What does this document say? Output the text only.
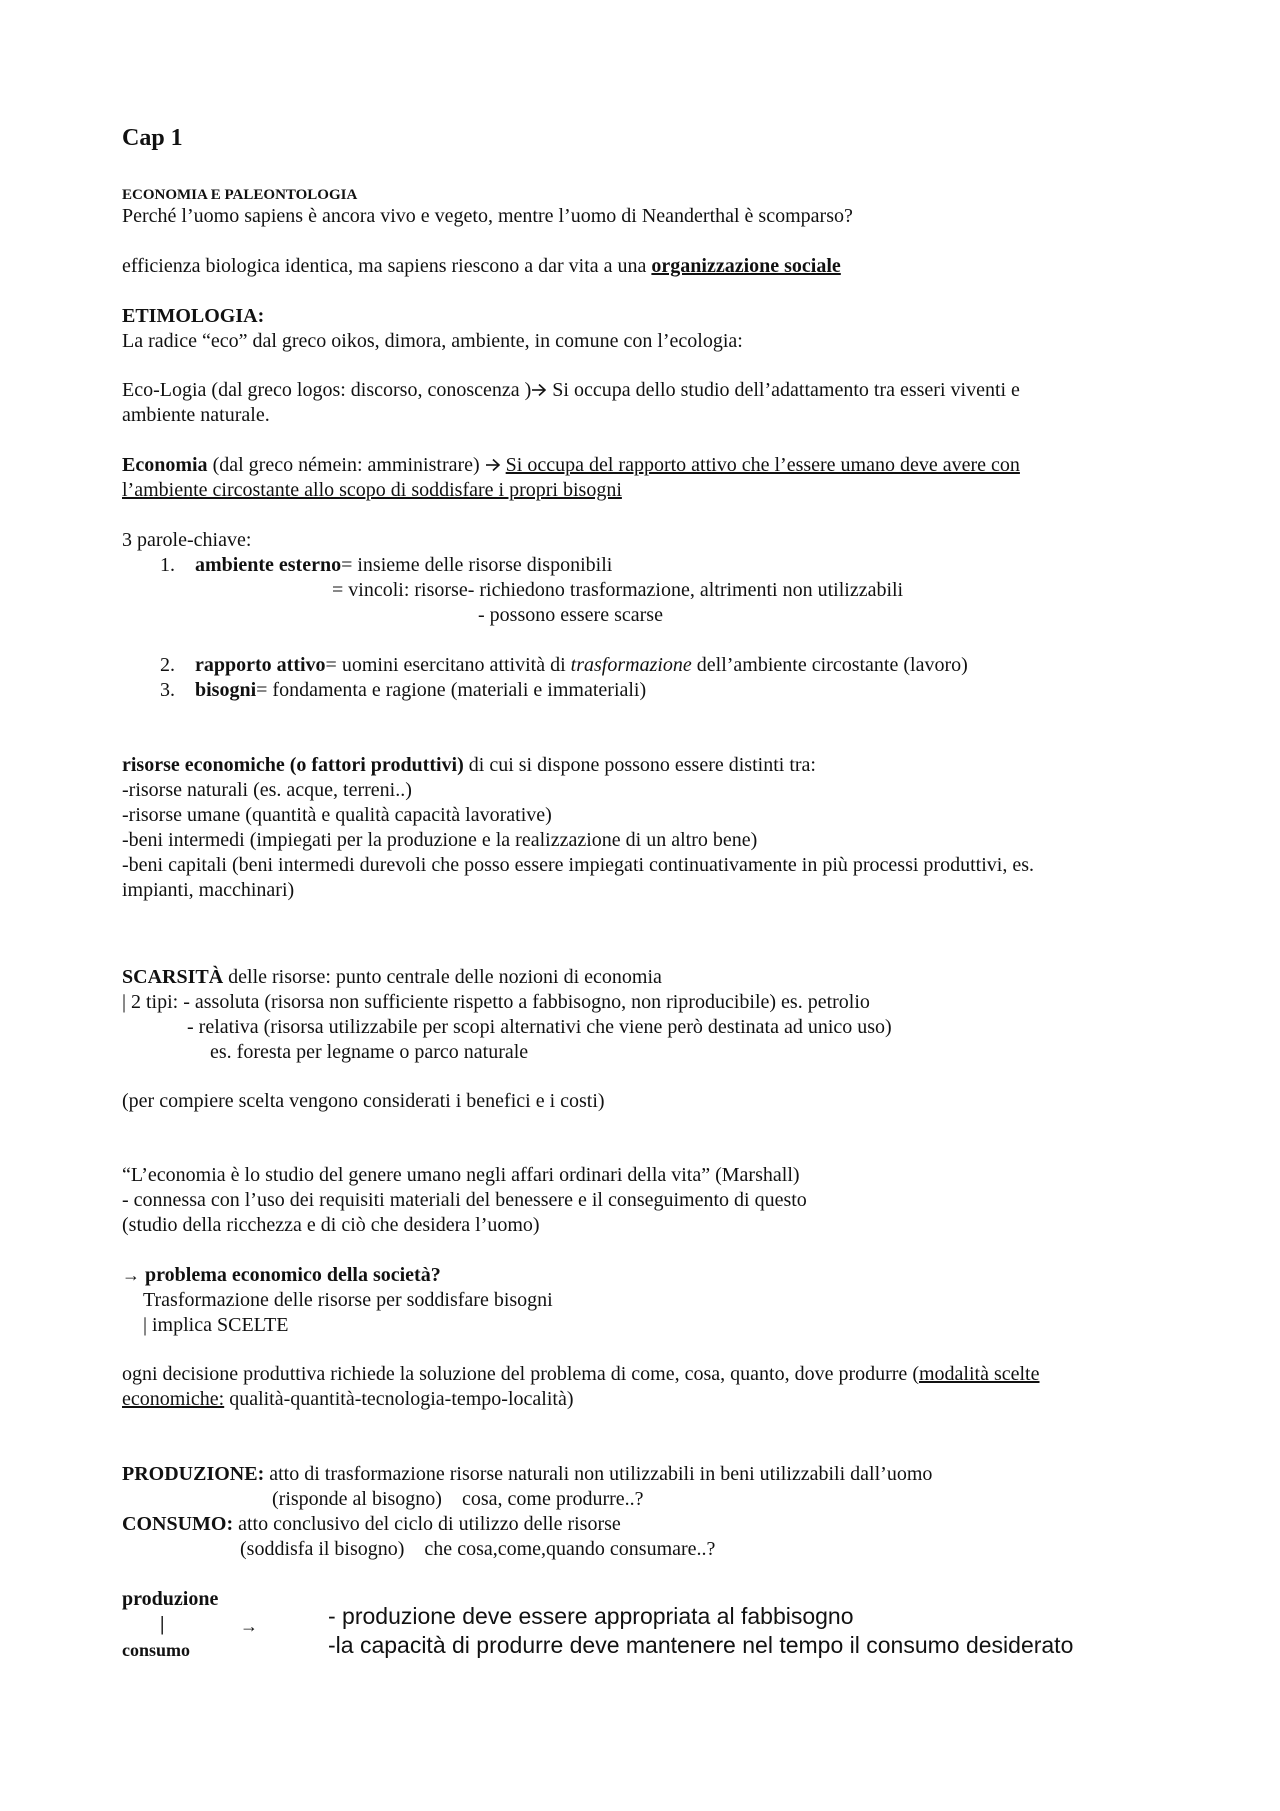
Cap 1
ECONOMIA E PALEONTOLOGIA
Perché l’uomo sapiens è ancora vivo e vegeto, mentre l’uomo di Neanderthal è scomparso?
efficienza biologica identica, ma sapiens riescono a dar vita a una organizzazione sociale
ETIMOLOGIA:
La radice “eco” dal greco oikos, dimora, ambiente, in comune con l’ecologia:
Eco-Logia (dal greco logos: discorso, conoscenza ) Si occupa dello studio dell’adattamento tra esseri viventi e
ambiente naturale.
Economia (dal greco némein: amministrare)  Si occupa del rapporto attivo che l’essere umano deve avere con
l’ambiente circostante allo scopo di soddisfare i propri bisogni
3 parole-chiave:
1. ambiente esterno= insieme delle risorse disponibili
= vincoli: risorse- richiedono trasformazione, altrimenti non utilizzabili
- possono essere scarse
2. rapporto attivo= uomini esercitano attività di trasformazione dell’ambiente circostante (lavoro)
3. bisogni= fondamenta e ragione (materiali e immateriali)
risorse economiche (o fattori produttivi) di cui si dispone possono essere distinti tra:
-risorse naturali (es. acque, terreni..)
-risorse umane (quantità e qualità capacità lavorative)
-beni intermedi (impiegati per la produzione e la realizzazione di un altro bene)
-beni capitali (beni intermedi durevoli che posso essere impiegati continuativamente in più processi produttivi, es.
impianti, macchinari)
SCARSITÀ delle risorse: punto centrale delle nozioni di economia
| 2 tipi: - assoluta (risorsa non sufficiente rispetto a fabbisogno, non riproducibile) es. petrolio
- relativa (risorsa utilizzabile per scopi alternativi che viene però destinata ad unico uso)
es. foresta per legname o parco naturale
(per compiere scelta vengono considerati i benefici e i costi)
“L’economia è lo studio del genere umano negli affari ordinari della vita” (Marshall)
- connessa con l’uso dei requisiti materiali del benessere e il conseguimento di questo
(studio della ricchezza e di ciò che desidera l’uomo)
→ problema economico della società?
Trasformazione delle risorse per soddisfare bisogni
| implica SCELTE
ogni decisione produttiva richiede la soluzione del problema di come, cosa, quanto, dove produrre (modalità scelte
economiche: qualità-quantità-tecnologia-tempo-località)
PRODUZIONE: atto di trasformazione risorse naturali non utilizzabili in beni utilizzabili dall’uomo
(risponde al bisogno)    cosa, come produrre..?
CONSUMO: atto conclusivo del ciclo di utilizzo delle risorse
(soddisfa il bisogno)    che cosa,come,quando consumare..?
produzione
|	→
consumo
- produzione deve essere appropriata al fabbisogno
-la capacità di produrre deve mantenere nel tempo il consumo desiderato
